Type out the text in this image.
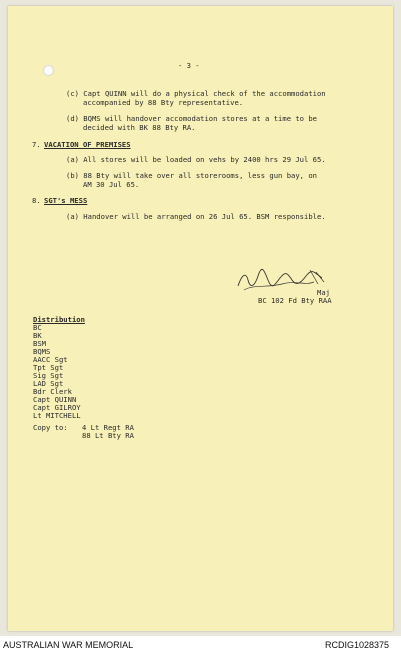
- 3 -
(c) Capt QUINN will do a physical check of the accommodation
accompanied by 88 Bty representative.
(d) BQMS will handover accomodation stores at a time to be
decided with BK 88 Bty RA.
7. VACATION OF PREMISES
(a) All stores will be loaded on vehs by 2400 hrs 29 Jul 65.
(b) 88 Bty will take over all storerooms, less gun bay, on
AM 30 Jul 65.
8. SGT's MESS
(a) Handover will be arranged on 26 Jul 65. BSM responsible.
Maj
BC 102 Fd Bty RAA
Distribution
BC
BK
BSM
BQMS
AACC Sgt
Tpt Sgt
Sig Sgt
LAD Sgt
Bdr Clerk
Capt QUINN
Capt GILROY
Lt MITCHELL
Copy to: 4 Lt Regt RA
88 Lt Bty RA
AUSTRALIAN WAR MEMORIAL	RCDIG1028375
